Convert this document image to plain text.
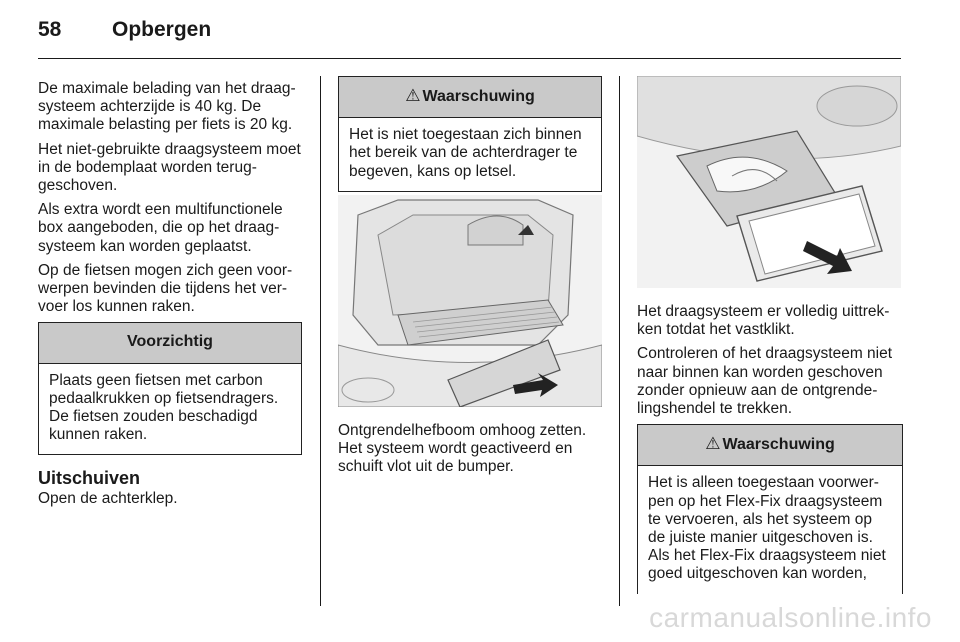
58	Opbergen

De maximale belading van het draagsysteem achterzijde is 40 kg. De maximale belasting per fiets is 20 kg.

Het niet-gebruikte draagsysteem moet in de bodemplaat worden teruggeschoven.

Als extra wordt een multifunctionele box aangeboden, die op het draagsysteem kan worden geplaatst.

Op de fietsen mogen zich geen voorwerpen bevinden die tijdens het vervoer los kunnen raken.

Voorzichtig
Plaats geen fietsen met carbon pedaalkrukken op fietsendragers. De fietsen zouden beschadigd kunnen raken.
Uitschuiven

Open de achterklep.

⚠ Waarschuwing
Het is niet toegestaan zich binnen het bereik van de achterdrager te begeven, kans op letsel.

Ontgrendelhefboom omhoog zetten. Het systeem wordt geactiveerd en schuift vlot uit de bumper.

Het draagsysteem er volledig uittrekken totdat het vastklikt.

Controleren of het draagsysteem niet naar binnen kan worden geschoven zonder opnieuw aan de ontgrendelingshendel te trekken.

⚠ Waarschuwing
Het is alleen toegestaan voorwerpen op het Flex-Fix draagsysteem te vervoeren, als het systeem op de juiste manier uitgeschoven is. Als het Flex-Fix draagsysteem niet goed uitgeschoven kan worden,
carmanualsonline.info
